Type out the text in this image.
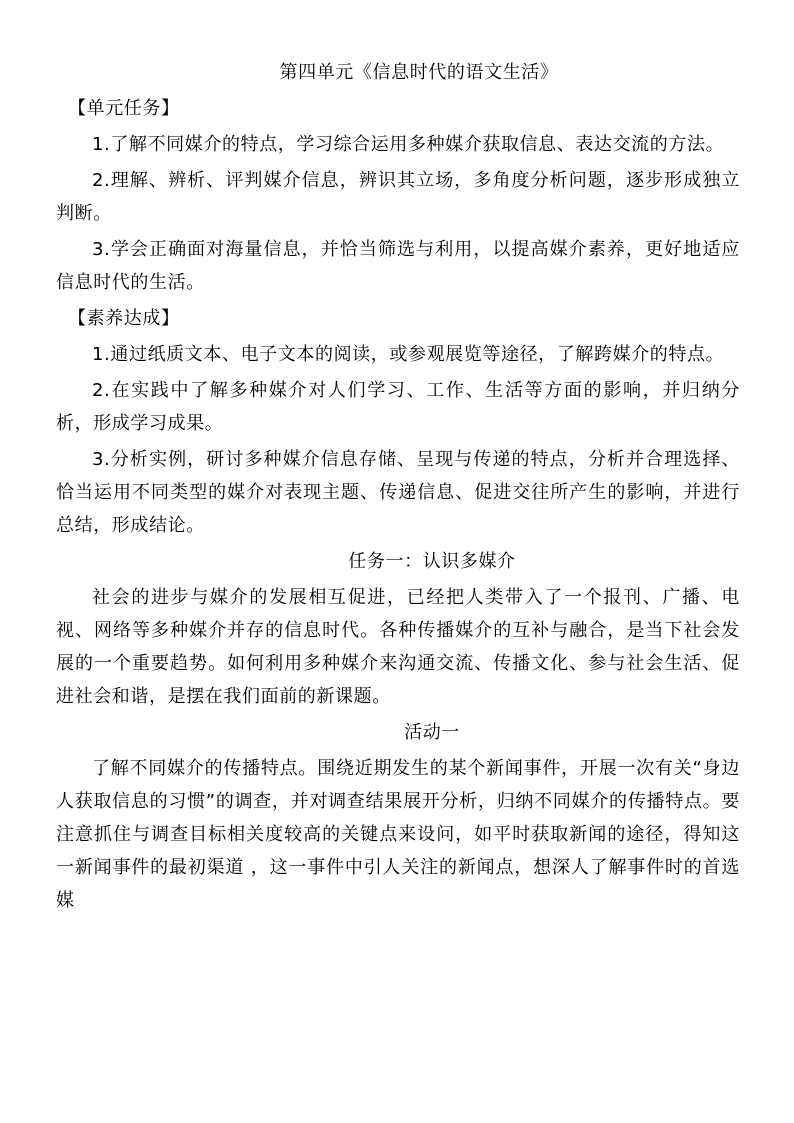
第四单元《信息时代的语文生活》
【单元任务】

1.了解不同媒介的特点，学习综合运用多种媒介获取信息、表达交流的方法。

2.理解、辨析、评判媒介信息，辨识其立场，多角度分析问题，逐步形成独立判断。

3.学会正确面对海量信息，并恰当筛选与利用，以提高媒介素养，更好地适应信息时代的生活。

【素养达成】

1.通过纸质文本、电子文本的阅读，或参观展览等途径，了解跨媒介的特点。

2.在实践中了解多种媒介对人们学习、工作、生活等方面的影响，并归纳分析，形成学习成果。

3.分析实例，研讨多种媒介信息存储、呈现与传递的特点，分析并合理选择、恰当运用不同类型的媒介对表现主题、传递信息、促进交往所产生的影响，并进行总结，形成结论。

任务一：认识多媒介

社会的进步与媒介的发展相互促进，已经把人类带入了一个报刊、广播、电视、网络等多种媒介并存的信息时代。各种传播媒介的互补与融合，是当下社会发展的一个重要趋势。如何利用多种媒介来沟通交流、传播文化、参与社会生活、促进社会和谐，是摆在我们面前的新课题。

活动一

了解不同媒介的传播特点。围绕近期发生的某个新闻事件，开展一次有关“身边人获取信息的习惯”的调查，并对调查结果展开分析，归纳不同媒介的传播特点。要注意抓住与调查目标相关度较高的关键点来设问，如平时获取新闻的途径，得知这一新闻事件的最初渠道 ，这一事件中引人关注的新闻点，想深人了解事件时的首选媒
